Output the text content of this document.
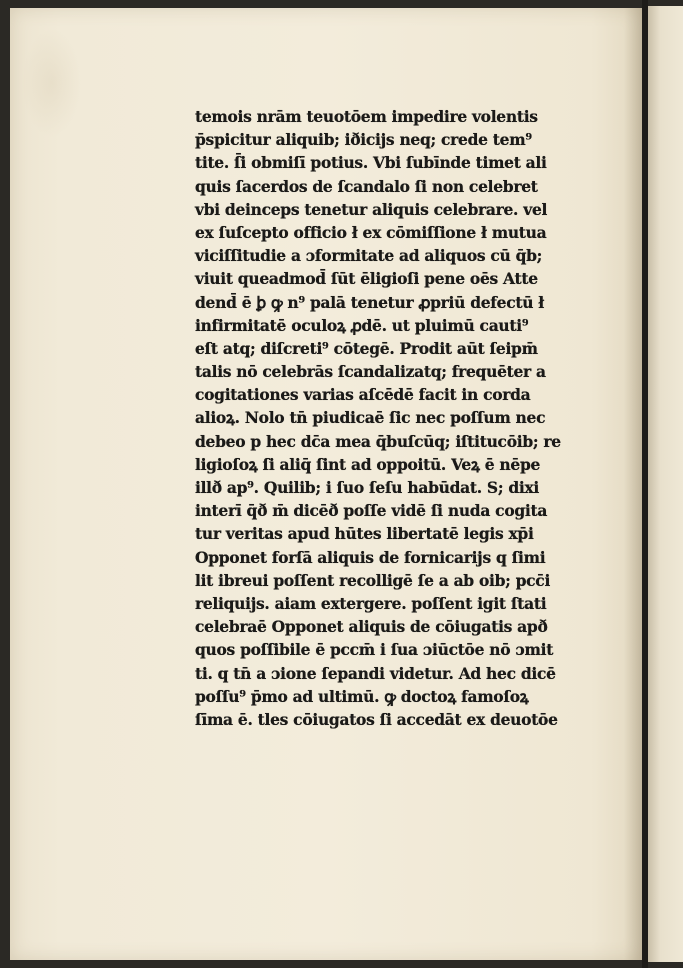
temois nrām teuotōem impedire volentis
p̄spicitur aliquib; iðicijs neq; crede tem⁹
tite. ſ̄i obmiſī potius. Vbi ſubīnde timet ali
quis ſacerdos de ſcandalo ſi non celebret
vbi deinceps tenetur aliquis celebrare. vel
ex ſuſcepto officio ł ex cōmiſſione ł mutua
viciſſitudie a ɔformitate ad aliquos cū q̄b;
viuit queadmod̄ ſūt ēligioſi pene oēs Atte
dend̄ ē ꝧ ꝙ n⁹ palā tenetur ꝓpriū defectū ł
infirmitatē oculoꝝ ꝓdē. ut pluimū cauti⁹
eſt atq; diſcreti⁹ cōtegē. Prodit aūt ſeipm̄
talis nō celebrās ſcandalizatq; frequēter a
cogitationes varias aſcēdē facit in corda
alioꝝ. Nolo tn̄ piudicaē ſic nec poſſum nec
debeo p hec dc̄a mea q̄buſcūq; iſtitucōib; re
ligioſoꝝ ſi aliq̄ ſint ad oppoitū. Veꝝ ē nēpe
illð ap⁹. Quilib; i ſuo ſeſu habūdat. S; dixi
interī q̄ð m̄ dicēð poſſe vidē ſi nuda cogita
tur veritas apud hūtes libertatē legis xp̄i
Opponet forſā aliquis de fornicarijs q ſimi
lit ibreui poſſent recolligē ſe a ab oib; pcc̄i
reliquijs. aiam extergere. poſſent igit ſtati
celebraē Opponet aliquis de cōiugatis apð
quos poſſibile ē pccm̄ i ſua ɔiūctōe nō ɔmit
ti. q tn̄ a ɔione ſepandi videtur. Ad hec dicē
poſſu⁹ p̄mo ad ultimū. ꝙ doctoꝝ famoſoꝝ
ſīma ē. tles cōiugatos ſi accedāt ex deuotōe
